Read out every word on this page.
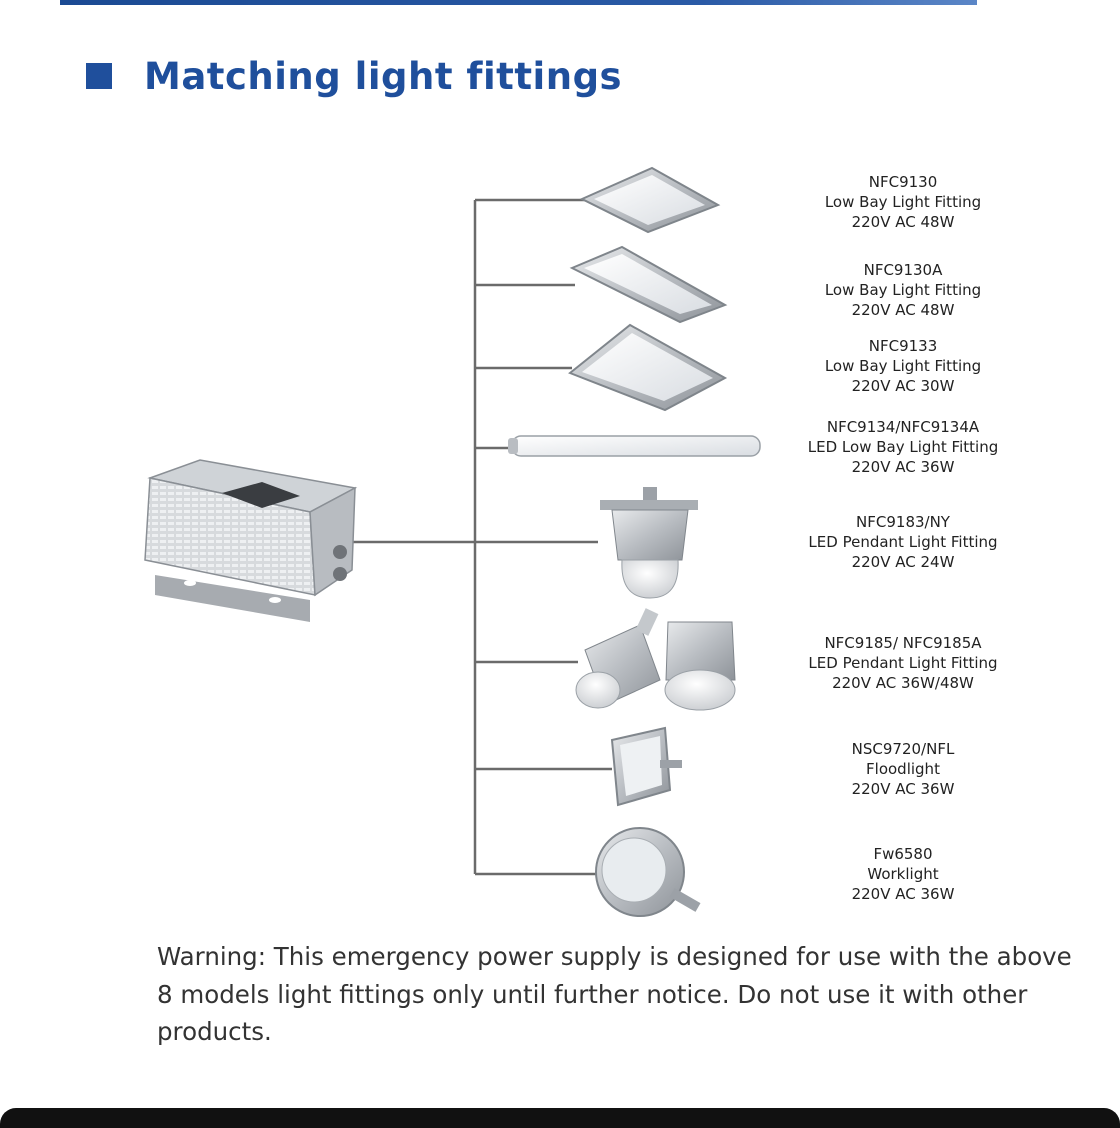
Matching light fittings
NFC9130
Low Bay Light Fitting
220V AC 48W
NFC9130A
Low Bay Light Fitting
220V AC 48W
NFC9133
Low Bay Light Fitting
220V AC 30W
NFC9134/NFC9134A
LED Low Bay Light Fitting
220V AC 36W
NFC9183/NY
LED Pendant Light Fitting
220V AC 24W
NFC9185/ NFC9185A
LED Pendant Light Fitting
220V AC 36W/48W
NSC9720/NFL
Floodlight
220V AC 36W
Fw6580
Worklight
220V AC 36W
Warning: This emergency power supply is designed for use with the above 8 models light fittings only until further notice. Do not use it with other products.
